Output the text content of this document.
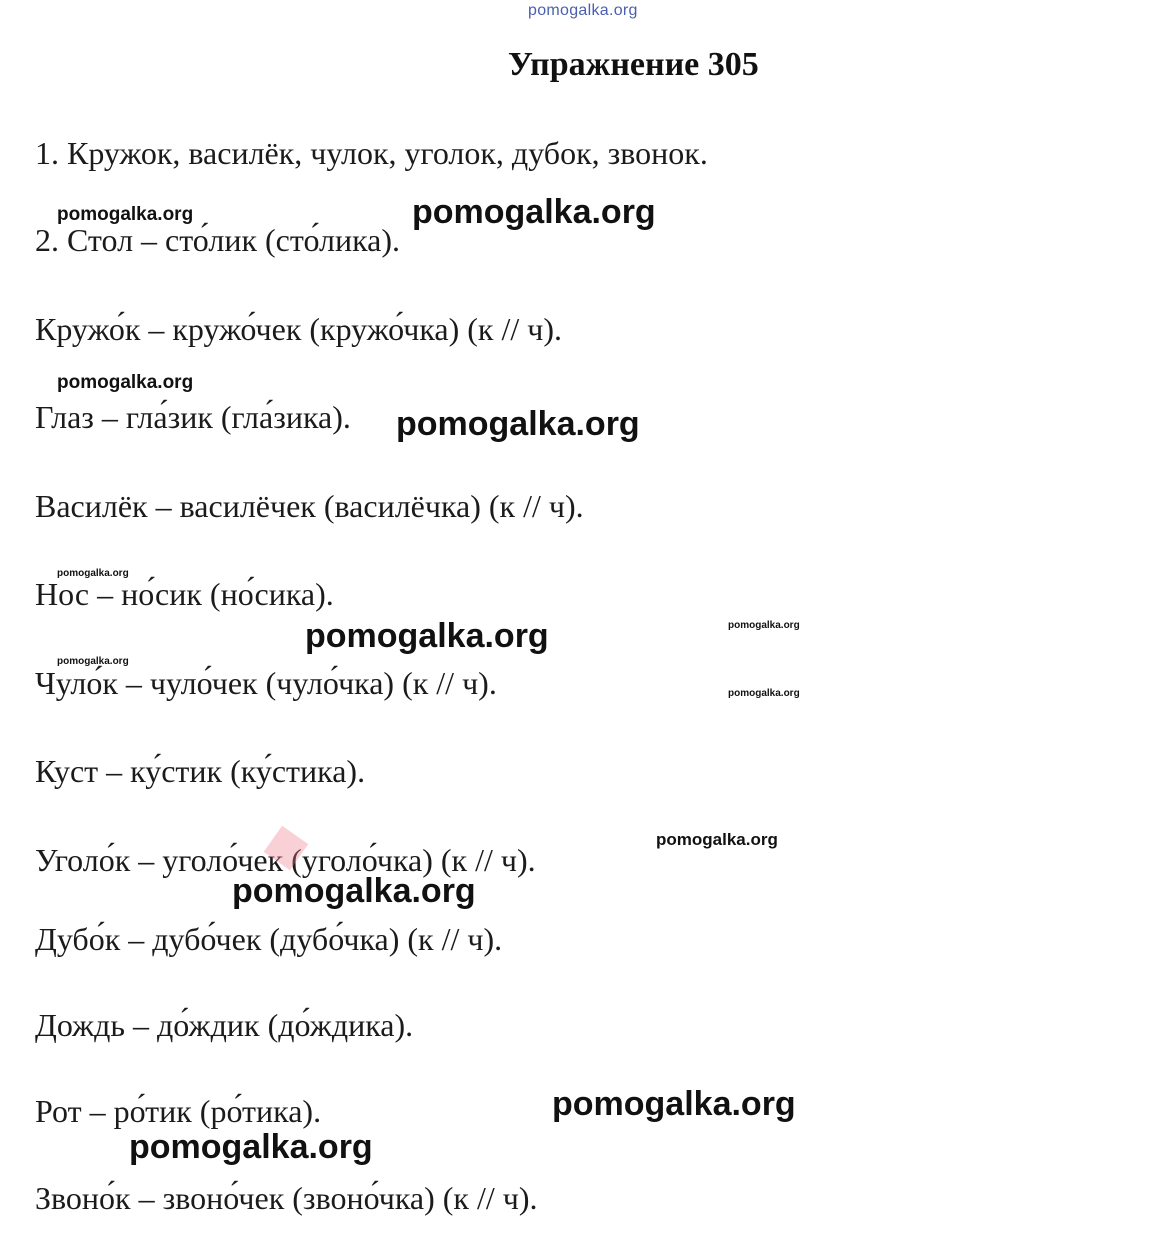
pomogalka.org
Упражнение 305
1. Кружок, василёк, чулок, уголок, дубок, звонок.
2. Стол – сто́лик (сто́лика).
Кружо́к – кружо́чек (кружо́чка) (к // ч).
Глаз – гла́зик (гла́зика).
Василёк – василёчек (василёчка) (к // ч).
Нос – но́сик (но́сика).
Чуло́к – чуло́чек (чуло́чка) (к // ч).
Куст – ку́стик (ку́стика).
Уголо́к – уголо́чек (уголо́чка) (к // ч).
Дубо́к – дубо́чек (дубо́чка) (к // ч).
Дождь – до́ждик (до́ждика).
Рот – ро́тик (ро́тика).
Звоно́к – звоно́чек (звоно́чка) (к // ч).
pomogalka.org	pomogalka.org
pomogalka.org
pomogalka.org
pomogalka.org
pomogalka.org	pomogalka.org
pomogalka.org
pomogalka.org
pomogalka.org
pomogalka.org
pomogalka.org
pomogalka.org
